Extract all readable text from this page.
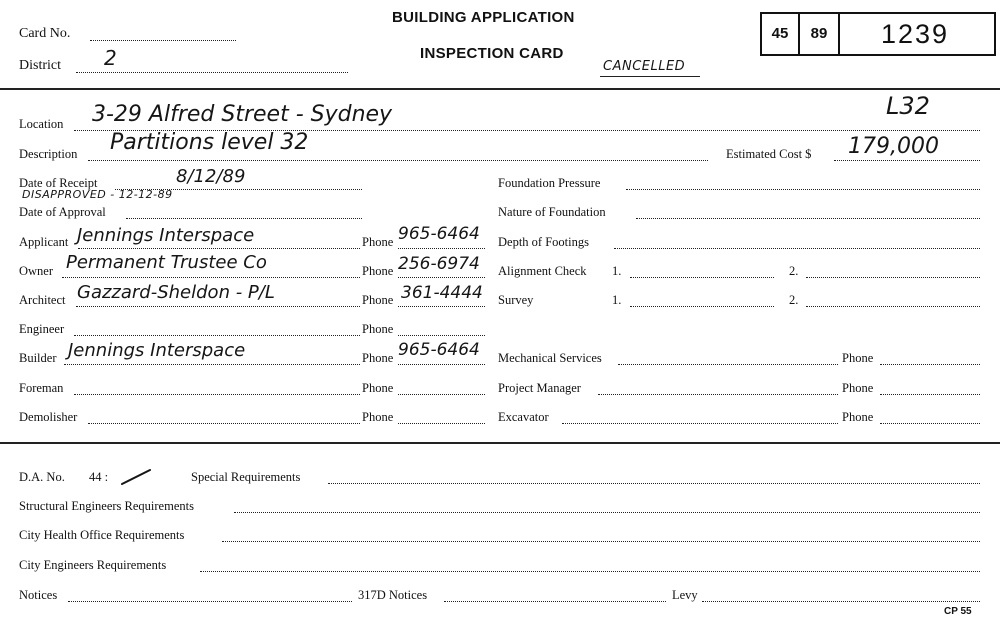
Card No.
District 2
BUILDING APPLICATION
INSPECTION CARD
CANCELLED
45	89	1239
Location 3-29 Alfred Street - Sydney	L32
Description Partitions level 32	Estimated Cost $ 179,000
Date of Receipt	8/12/89
DISAPPROVED - 12-12-89
Date of Approval
Applicant Jennings Interspace	Phone 965-6464
Owner Permanent Trustee Co	Phone 256-6974
Architect Gazzard-Sheldon - P/L	Phone 361-4444
Engineer	Phone
Builder Jennings Interspace	Phone 965-6464
Foreman	Phone
Demolisher	Phone
Foundation Pressure
Nature of Foundation
Depth of Footings
Alignment Check 1.	2.
Survey	1.	2.
Mechanical Services	Phone
Project Manager	Phone
Excavator	Phone
D.A. No. 44 :	Special Requirements
Structural Engineers Requirements
City Health Office Requirements
City Engineers Requirements
Notices	317D Notices	Levy
CP 55
